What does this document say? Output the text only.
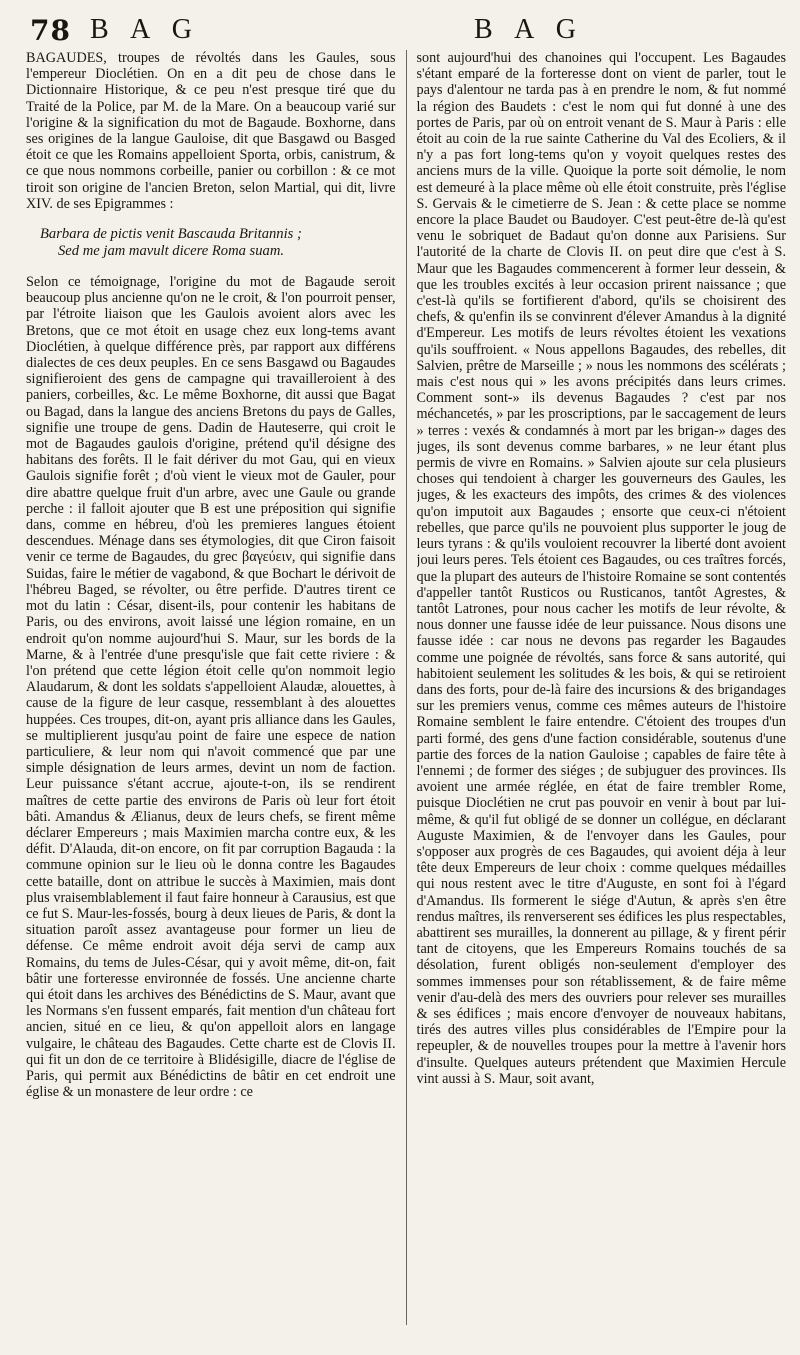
78 B A G	B A G

BAGAUDES, troupes de révoltés dans les Gaules, sous l'empereur Dioclétien. On en a dit peu de chose dans le Dictionnaire Historique, & ce peu n'est presque tiré que du Traité de la Police, par M. de la Mare. On a beaucoup varié sur l'origine & la signification du mot de Bagaude. Boxhorne, dans ses origines de la langue Gauloise, dit que Basgawd ou Basged étoit ce que les Romains appelloient Sporta, orbis, canistrum, & ce que nous nommons corbeille, panier ou corbillon : & ce mot tiroit son origine de l'ancien Breton, selon Martial, qui dit, livre XIV. de ses Epigrammes :

Barbara de pictis venit Bascauda Britannis ;
Sed me jam mavult dicere Roma suam.

Selon ce témoignage, l'origine du mot de Bagaude seroit beaucoup plus ancienne qu'on ne le croit, & l'on pourroit penser, par l'étroite liaison que les Gaulois avoient alors avec les Bretons, que ce mot étoit en usage chez eux long-tems avant Dioclétien, à quelque différence près, par rapport aux différens dialectes de ces deux peuples. En ce sens Basgawd ou Bagaudes signifieroient des gens de campagne qui travailleroient à des paniers, corbeilles, &c. Le même Boxhorne, dit aussi que Bagat ou Bagad, dans la langue des anciens Bretons du pays de Galles, signifie une troupe de gens. Dadin de Hauteserre, qui croit le mot de Bagaudes gaulois d'origine, prétend qu'il désigne des habitans des forêts. Il le fait dériver du mot Gau, qui en vieux Gaulois signifie forêt ; d'où vient le vieux mot de Gauler, pour dire abattre quelque fruit d'un arbre, avec une Gaule ou grande perche : il falloit ajouter que B est une préposition qui signifie dans, comme en hébreu, d'où les premieres langues étoient descendues. Ménage dans ses étymologies, dit que Ciron faisoit venir ce terme de Bagaudes, du grec βαγεύειν, qui signifie dans Suidas, faire le métier de vagabond, & que Bochart le dérivoit de l'hébreu Baged, se révolter, ou être perfide. D'autres tirent ce mot du latin : César, disent-ils, pour contenir les habitans de Paris, ou des environs, avoit laissé une légion romaine, en un endroit qu'on nomme aujourd'hui S. Maur, sur les bords de la Marne, & à l'entrée d'une presqu'isle que fait cette riviere : & l'on prétend que cette légion étoit celle qu'on nommoit legio Alaudarum, & dont les soldats s'appelloient Alaudæ, alouettes, à cause de la figure de leur casque, ressemblant à des alouettes huppées. Ces troupes, dit-on, ayant pris alliance dans les Gaules, se multiplierent jusqu'au point de faire une espece de nation particuliere, & leur nom qui n'avoit commencé que par une simple désignation de leurs armes, devint un nom de faction. Leur puissance s'étant accrue, ajoute-t-on, ils se rendirent maîtres de cette partie des environs de Paris où leur fort étoit bâti. Amandus & Ælianus, deux de leurs chefs, se firent même déclarer Empereurs ; mais Maximien marcha contre eux, & les défit. D'Alauda, dit-on encore, on fit par corruption Bagauda : la commune opinion sur le lieu où le donna contre les Bagaudes cette bataille, dont on attribue le succès à Maximien, mais dont plus vraisemblablement il faut faire honneur à Carausius, est que ce fut S. Maur-les-fossés, bourg à deux lieues de Paris, & dont la situation paroît assez avantageuse pour former un lieu de défense. Ce même endroit avoit déja servi de camp aux Romains, du tems de Jules-César, qui y avoit même, dit-on, fait bâtir une forteresse environnée de fossés. Une ancienne charte qui étoit dans les archives des Bénédictins de S. Maur, avant que les Normans s'en fussent emparés, fait mention d'un château fort ancien, situé en ce lieu, & qu'on appelloit alors en langage vulgaire, le château des Bagaudes. Cette charte est de Clovis II. qui fit un don de ce territoire à Blidésigille, diacre de l'église de Paris, qui permit aux Bénédictins de bâtir en cet endroit une église & un monastere de leur ordre : ce

sont aujourd'hui des chanoines qui l'occupent. Les Bagaudes s'étant emparé de la forteresse dont on vient de parler, tout le pays d'alentour ne tarda pas à en prendre le nom, & fut nommé la région des Baudets : c'est le nom qui fut donné à une des portes de Paris, par où on entroit venant de S. Maur à Paris : elle étoit au coin de la rue sainte Catherine du Val des Ecoliers, & il n'y a pas fort long-tems qu'on y voyoit quelques restes des anciens murs de la ville. Quoique la porte soit démolie, le nom est demeuré à la place même où elle étoit construite, près l'église S. Gervais & le cimetierre de S. Jean : & cette place se nomme encore la place Baudet ou Baudoyer. C'est peut-être de-là qu'est venu le sobriquet de Badaut qu'on donne aux Parisiens. Sur l'autorité de la charte de Clovis II. on peut dire que c'est à S. Maur que les Bagaudes commencerent à former leur dessein, & que les troubles excités à leur occasion prirent naissance ; que c'est-là qu'ils se fortifierent d'abord, qu'ils se choisirent des chefs, & qu'enfin ils se convinrent d'élever Amandus à la dignité d'Empereur. Les motifs de leurs révoltes étoient les vexations qu'ils souffroient. « Nous appellons Bagaudes, des rebelles, dit Salvien, prêtre de Marseille ; » nous les nommons des scélérats ; mais c'est nous qui » les avons précipités dans leurs crimes. Comment sont-» ils devenus Bagaudes ? c'est par nos méchancetés, » par les proscriptions, par le saccagement de leurs » terres : vexés & condamnés à mort par les brigan-» dages des juges, ils sont devenus comme barbares, » ne leur étant plus permis de vivre en Romains. » Salvien ajoute sur cela plusieurs choses qui tendoient à charger les gouverneurs des Gaules, les juges, & les exacteurs des impôts, des crimes & des violences qu'on imputoit aux Bagaudes ; ensorte que ceux-ci n'étoient rebelles, que parce qu'ils ne pouvoient plus supporter le joug de leurs tyrans : & qu'ils vouloient recouvrer la liberté dont avoient joui leurs peres. Tels étoient ces Bagaudes, ou ces traîtres forcés, que la plupart des auteurs de l'histoire Romaine se sont contentés d'appeller tantôt Rusticos ou Rusticanos, tantôt Agrestes, & tantôt Latrones, pour nous cacher les motifs de leur révolte, & nous donner une fausse idée de leur puissance. Nous disons une fausse idée : car nous ne devons pas regarder les Bagaudes comme une poignée de révoltés, sans force & sans autorité, qui habitoient seulement les solitudes & les bois, & qui se retiroient dans des forts, pour de-là faire des incursions & des brigandages sur les premiers venus, comme ces mêmes auteurs de l'histoire Romaine semblent le faire entendre. C'étoient des troupes d'un parti formé, des gens d'une faction considérable, soutenus d'une partie des forces de la nation Gauloise ; capables de faire tête à l'ennemi ; de former des siéges ; de subjuguer des provinces. Ils avoient une armée réglée, en état de faire trembler Rome, puisque Dioclétien ne crut pas pouvoir en venir à bout par lui-même, & qu'il fut obligé de se donner un collégue, en déclarant Auguste Maximien, & de l'envoyer dans les Gaules, pour s'opposer aux progrès de ces Bagaudes, qui avoient déja à leur tête deux Empereurs de leur choix : comme quelques médailles qui nous restent avec le titre d'Auguste, en sont foi à l'égard d'Amandus. Ils formerent le siége d'Autun, & après s'en être rendus maîtres, ils renverserent ses édifices les plus respectables, abattirent ses murailles, la donnerent au pillage, & y firent périr tant de citoyens, que les Empereurs Romains touchés de sa désolation, furent obligés non-seulement d'employer des sommes immenses pour son rétablissement, & de faire même venir d'au-delà des mers des ouvriers pour relever ses murailles & ses édifices ; mais encore d'envoyer de nouveaux habitans, tirés des autres villes plus considérables de l'Empire pour la repeupler, & de nouvelles troupes pour la mettre à l'avenir hors d'insulte. Quelques auteurs prétendent que Maximien Hercule vint aussi à S. Maur, soit avant,
